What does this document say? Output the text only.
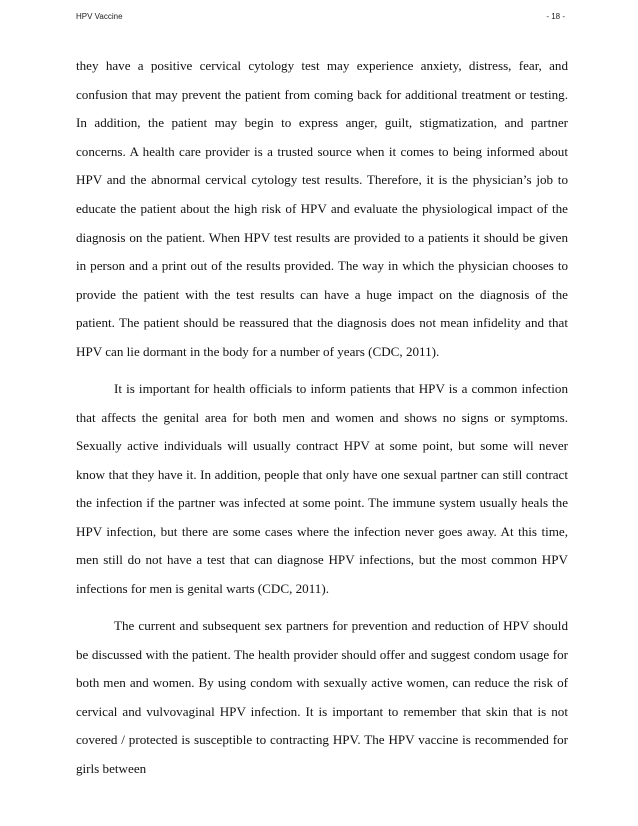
HPV Vaccine	- 18 -

they have a positive cervical cytology test may experience anxiety, distress, fear, and confusion that may prevent the patient from coming back for additional treatment or testing. In addition, the patient may begin to express anger, guilt, stigmatization, and partner concerns. A health care provider is a trusted source when it comes to being informed about HPV and the abnormal cervical cytology test results. Therefore, it is the physician’s job to educate the patient about the high risk of HPV and evaluate the physiological impact of the diagnosis on the patient. When HPV test results are provided to a patients it should be given in person and a print out of the results provided. The way in which the physician chooses to provide the patient with the test results can have a huge impact on the diagnosis of the patient. The patient should be reassured that the diagnosis does not mean infidelity and that HPV can lie dormant in the body for a number of years (CDC, 2011).

It is important for health officials to inform patients that HPV is a common infection that affects the genital area for both men and women and shows no signs or symptoms. Sexually active individuals will usually contract HPV at some point, but some will never know that they have it. In addition, people that only have one sexual partner can still contract the infection if the partner was infected at some point. The immune system usually heals the HPV infection, but there are some cases where the infection never goes away. At this time, men still do not have a test that can diagnose HPV infections, but the most common HPV infections for men is genital warts (CDC, 2011).

The current and subsequent sex partners for prevention and reduction of HPV should be discussed with the patient. The health provider should offer and suggest condom usage for both men and women. By using condom with sexually active women, can reduce the risk of cervical and vulvovaginal HPV infection. It is important to remember that skin that is not covered / protected is susceptible to contracting HPV. The HPV vaccine is recommended for girls between
